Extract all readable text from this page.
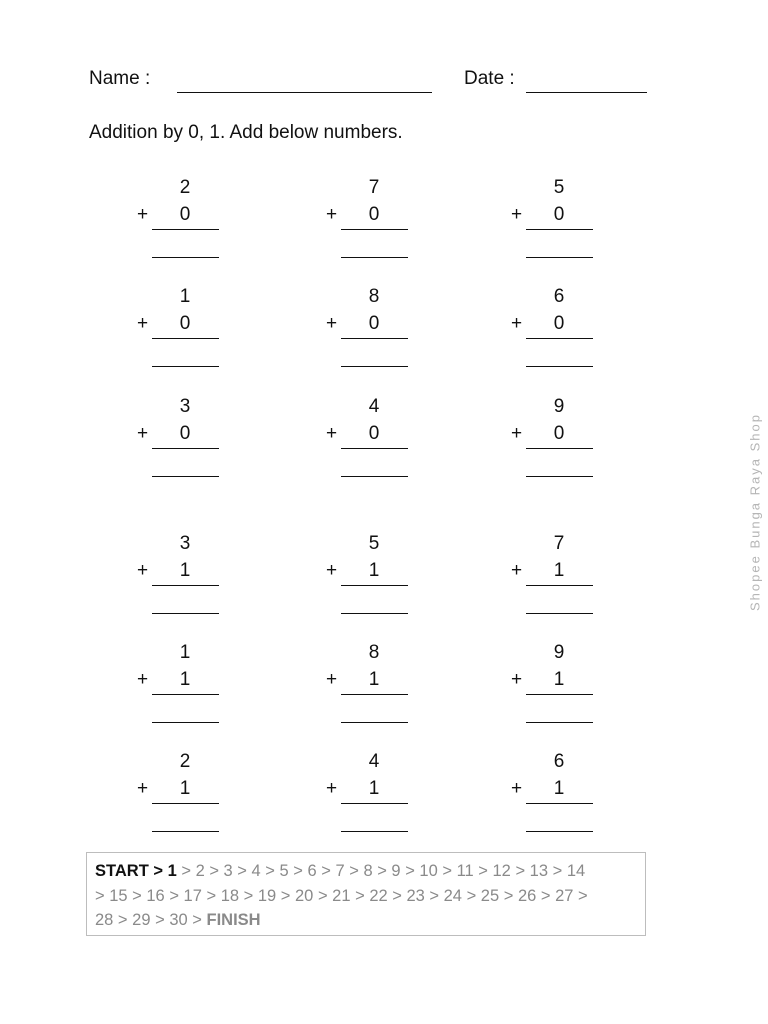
Name :	Date :
Addition by 0, 1. Add below numbers.
2
+	0
7
+	0
5
+	0
1
+	0
8
+	0
6
+	0
3
+	0
4
+	0
9
+	0
3
+	1
5
+	1
7
+	1
1
+	1
8
+	1
9
+	1
2
+	1
4
+	1
6
+	1
START > 1 > 2 > 3 > 4 > 5 > 6 > 7 > 8 > 9 > 10 > 11 > 12 > 13 > 14
> 15 > 16 > 17 > 18 > 19 > 20 > 21 > 22 > 23 > 24 > 25 > 26 > 27 >
28 > 29 > 30 > FINISH
Shopee Bunga Raya Shop
